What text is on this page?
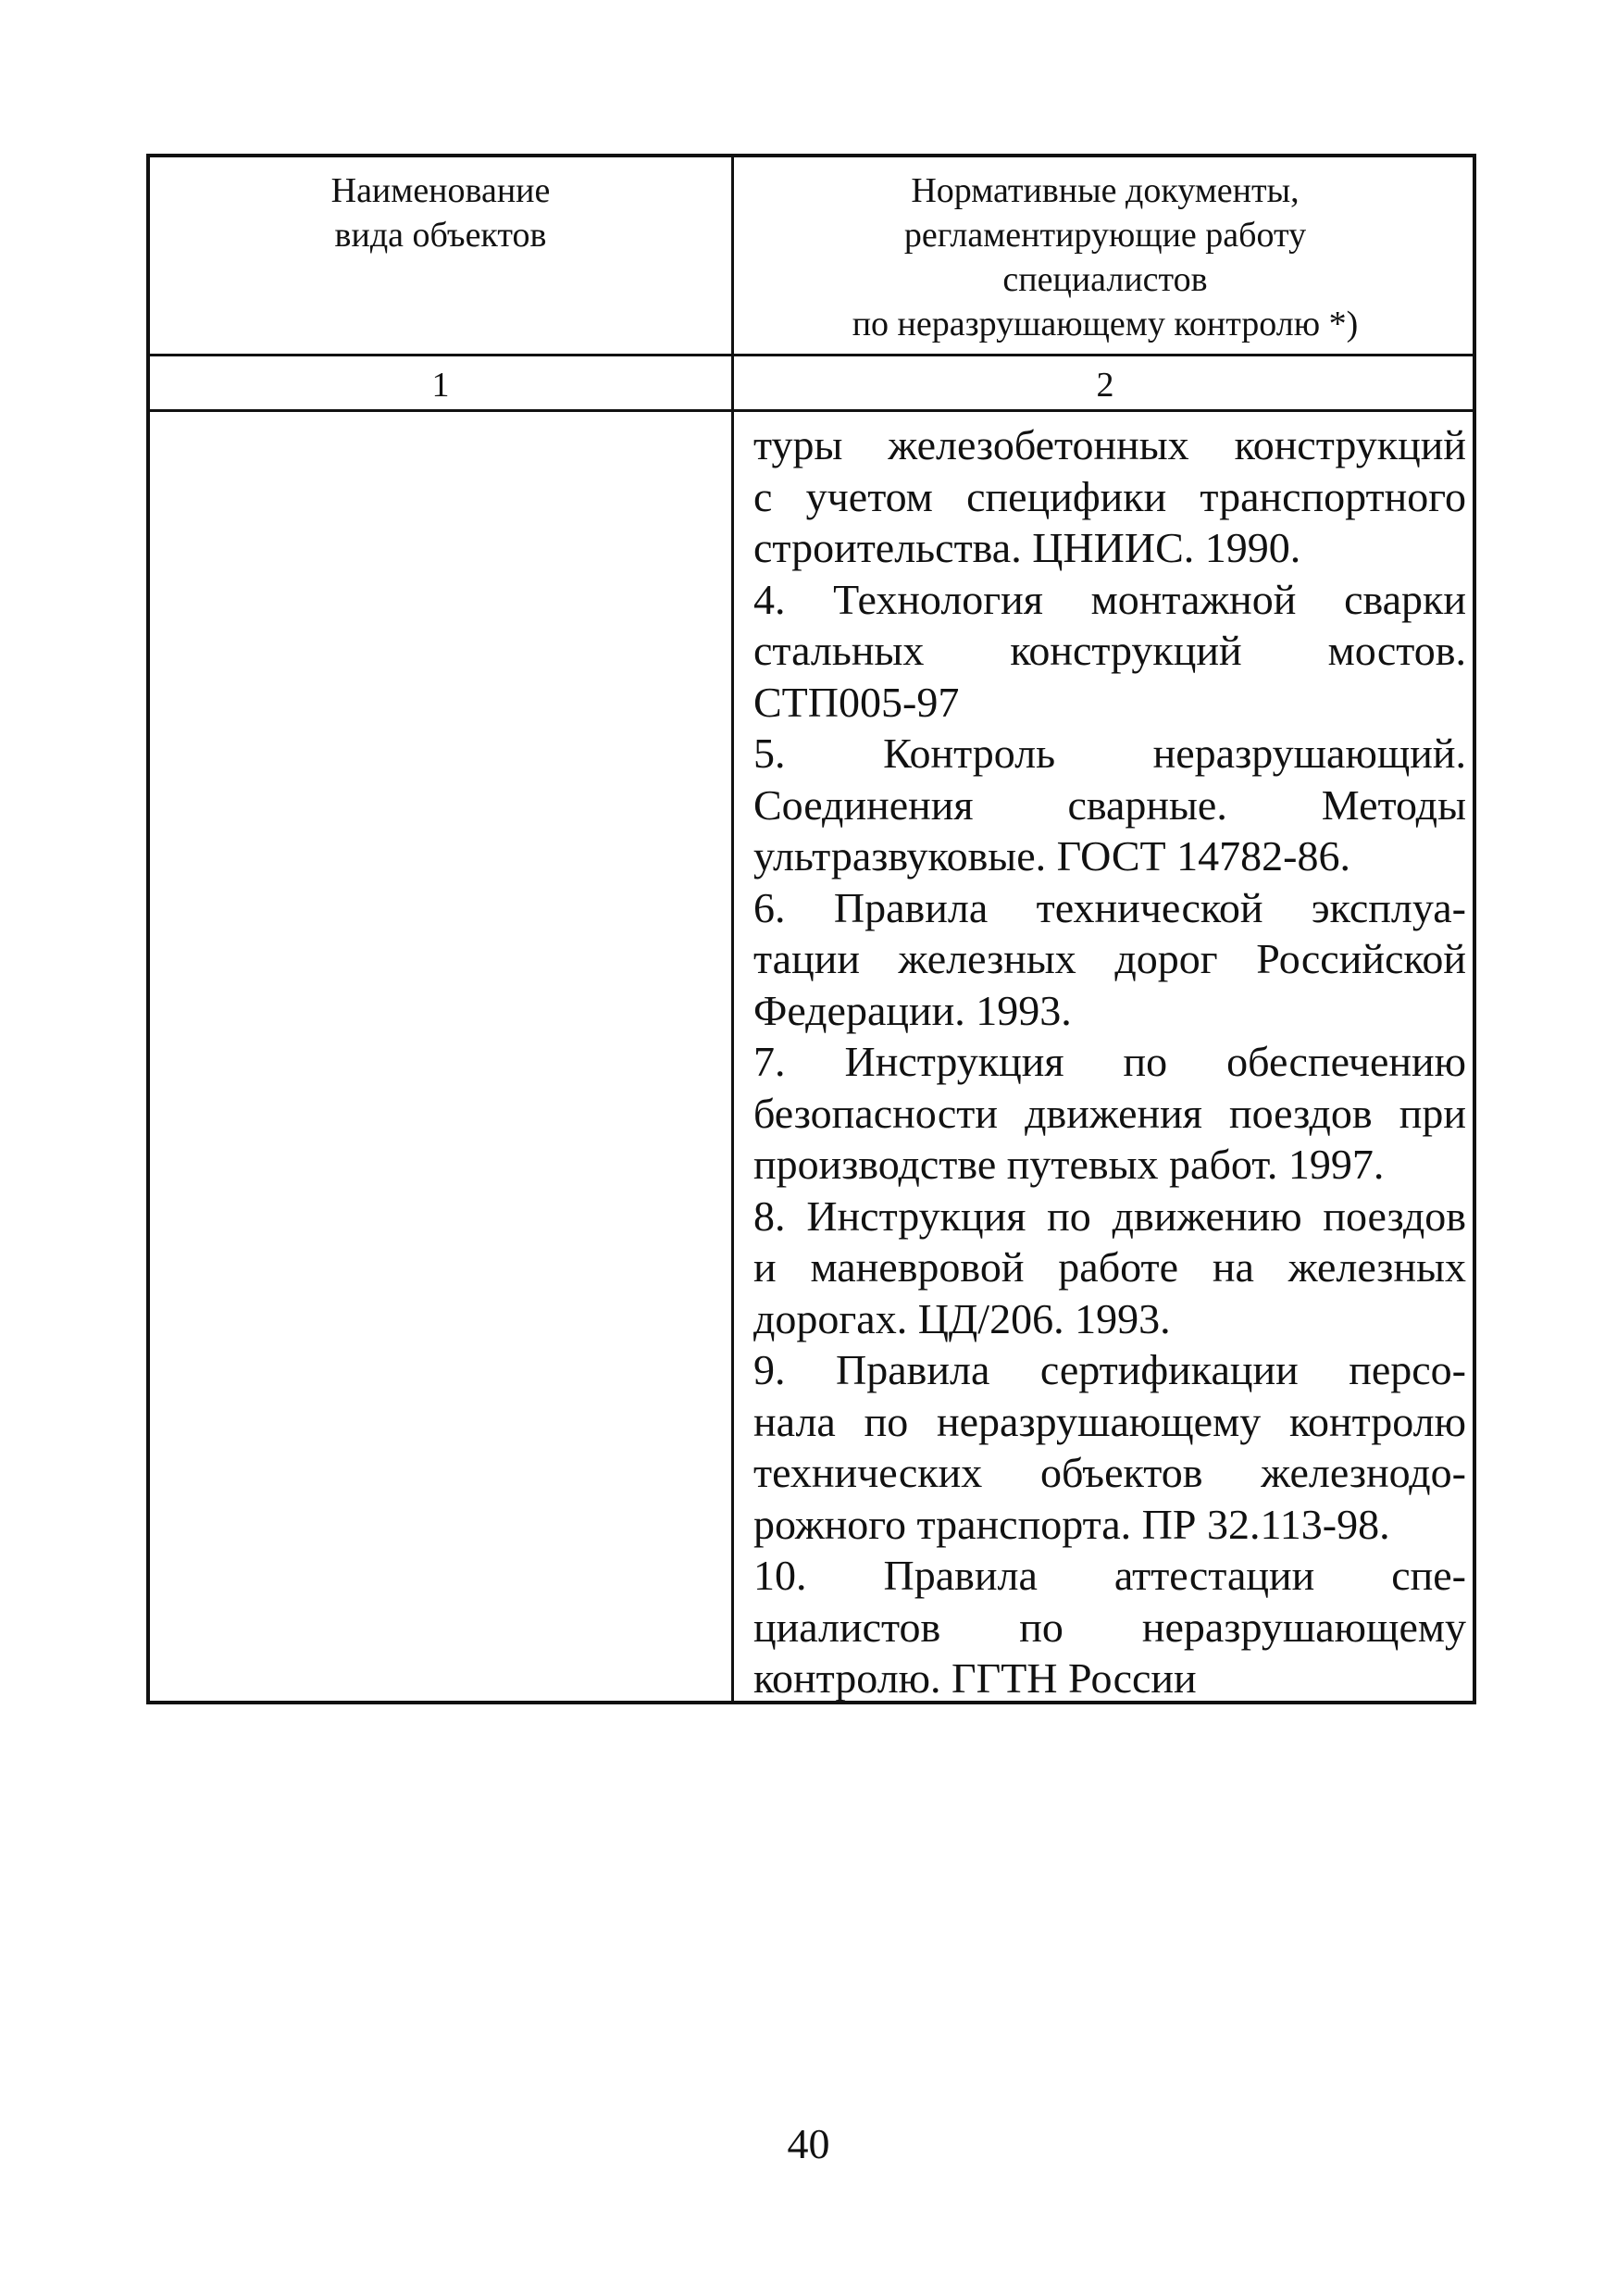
Наименование
вида объектов
Нормативные документы,
регламентирующие работу
специалистов
по неразрушающему контролю *)
1	2
туры железобетонных конструкций
с учетом специфики транспортного
строительства. ЦНИИС. 1990.
4. Технология монтажной сварки
стальных конструкций мостов.
СТП005-97
5. Контроль неразрушающий.
Соединения сварные. Методы
ультразвуковые. ГОСТ 14782-86.
6. Правила технической эксплуа-
тации железных дорог Российской
Федерации. 1993.
7. Инструкция по обеспечению
безопасности движения поездов при
производстве путевых работ. 1997.
8. Инструкция по движению поездов
и маневровой работе на железных
дорогах. ЦД/206. 1993.
9. Правила сертификации персо-
нала по неразрушающему контролю
технических объектов железнодо-
рожного транспорта. ПР 32.113-98.
10. Правила аттестации спе-
циалистов по неразрушающему
контролю. ГГТН России
40
